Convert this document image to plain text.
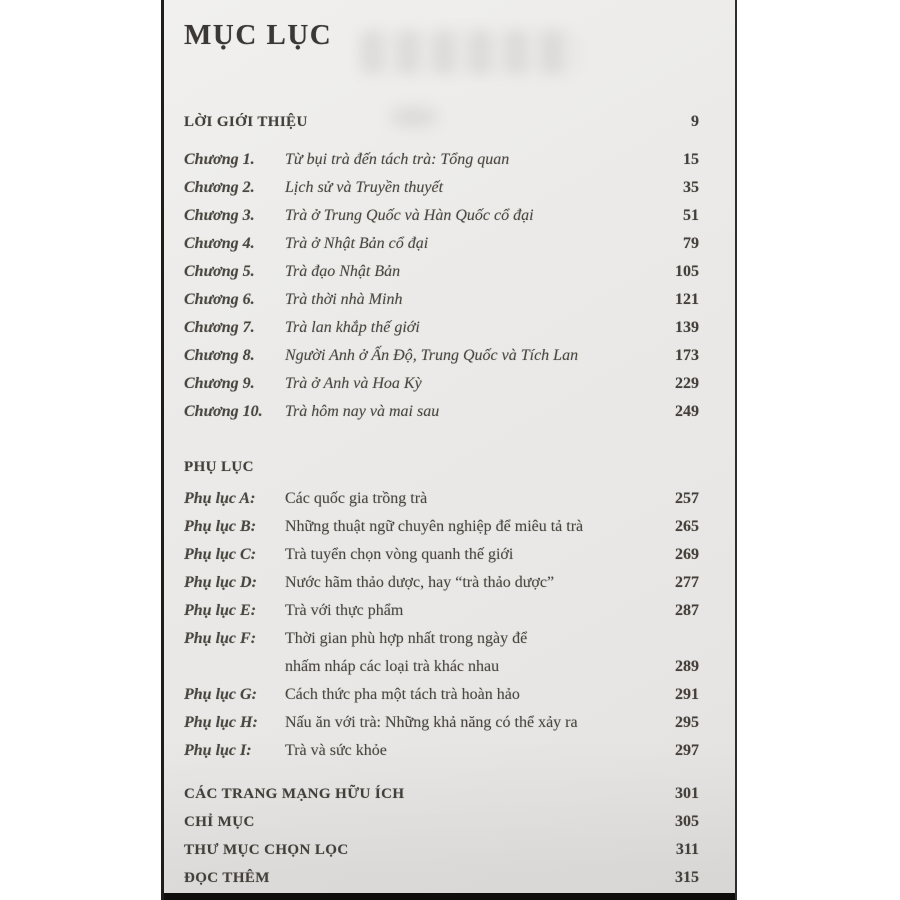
MỤC LỤC
LỜI GIỚI THIỆU	9
Chương 1.	Từ bụi trà đến tách trà: Tổng quan	15
Chương 2.	Lịch sử và Truyền thuyết	35
Chương 3.	Trà ở Trung Quốc và Hàn Quốc cổ đại	51
Chương 4.	Trà ở Nhật Bản cổ đại	79
Chương 5.	Trà đạo Nhật Bản	105
Chương 6.	Trà thời nhà Minh	121
Chương 7.	Trà lan khắp thế giới	139
Chương 8.	Người Anh ở Ấn Độ, Trung Quốc và Tích Lan	173
Chương 9.	Trà ở Anh và Hoa Kỳ	229
Chương 10.	Trà hôm nay và mai sau	249
PHỤ LỤC
Phụ lục A:	Các quốc gia trồng trà	257
Phụ lục B:	Những thuật ngữ chuyên nghiệp để miêu tả trà	265
Phụ lục C:	Trà tuyển chọn vòng quanh thế giới	269
Phụ lục D:	Nước hãm thảo dược, hay “trà thảo dược”	277
Phụ lục E:	Trà với thực phẩm	287
Phụ lục F:	Thời gian phù hợp nhất trong ngày để
nhấm nháp các loại trà khác nhau	289
Phụ lục G:	Cách thức pha một tách trà hoàn hảo	291
Phụ lục H:	Nấu ăn với trà: Những khả năng có thể xảy ra	295
Phụ lục I:	Trà và sức khỏe	297
CÁC TRANG MẠNG HỮU ÍCH	301
CHỈ MỤC	305
THƯ MỤC CHỌN LỌC	311
ĐỌC THÊM	315
